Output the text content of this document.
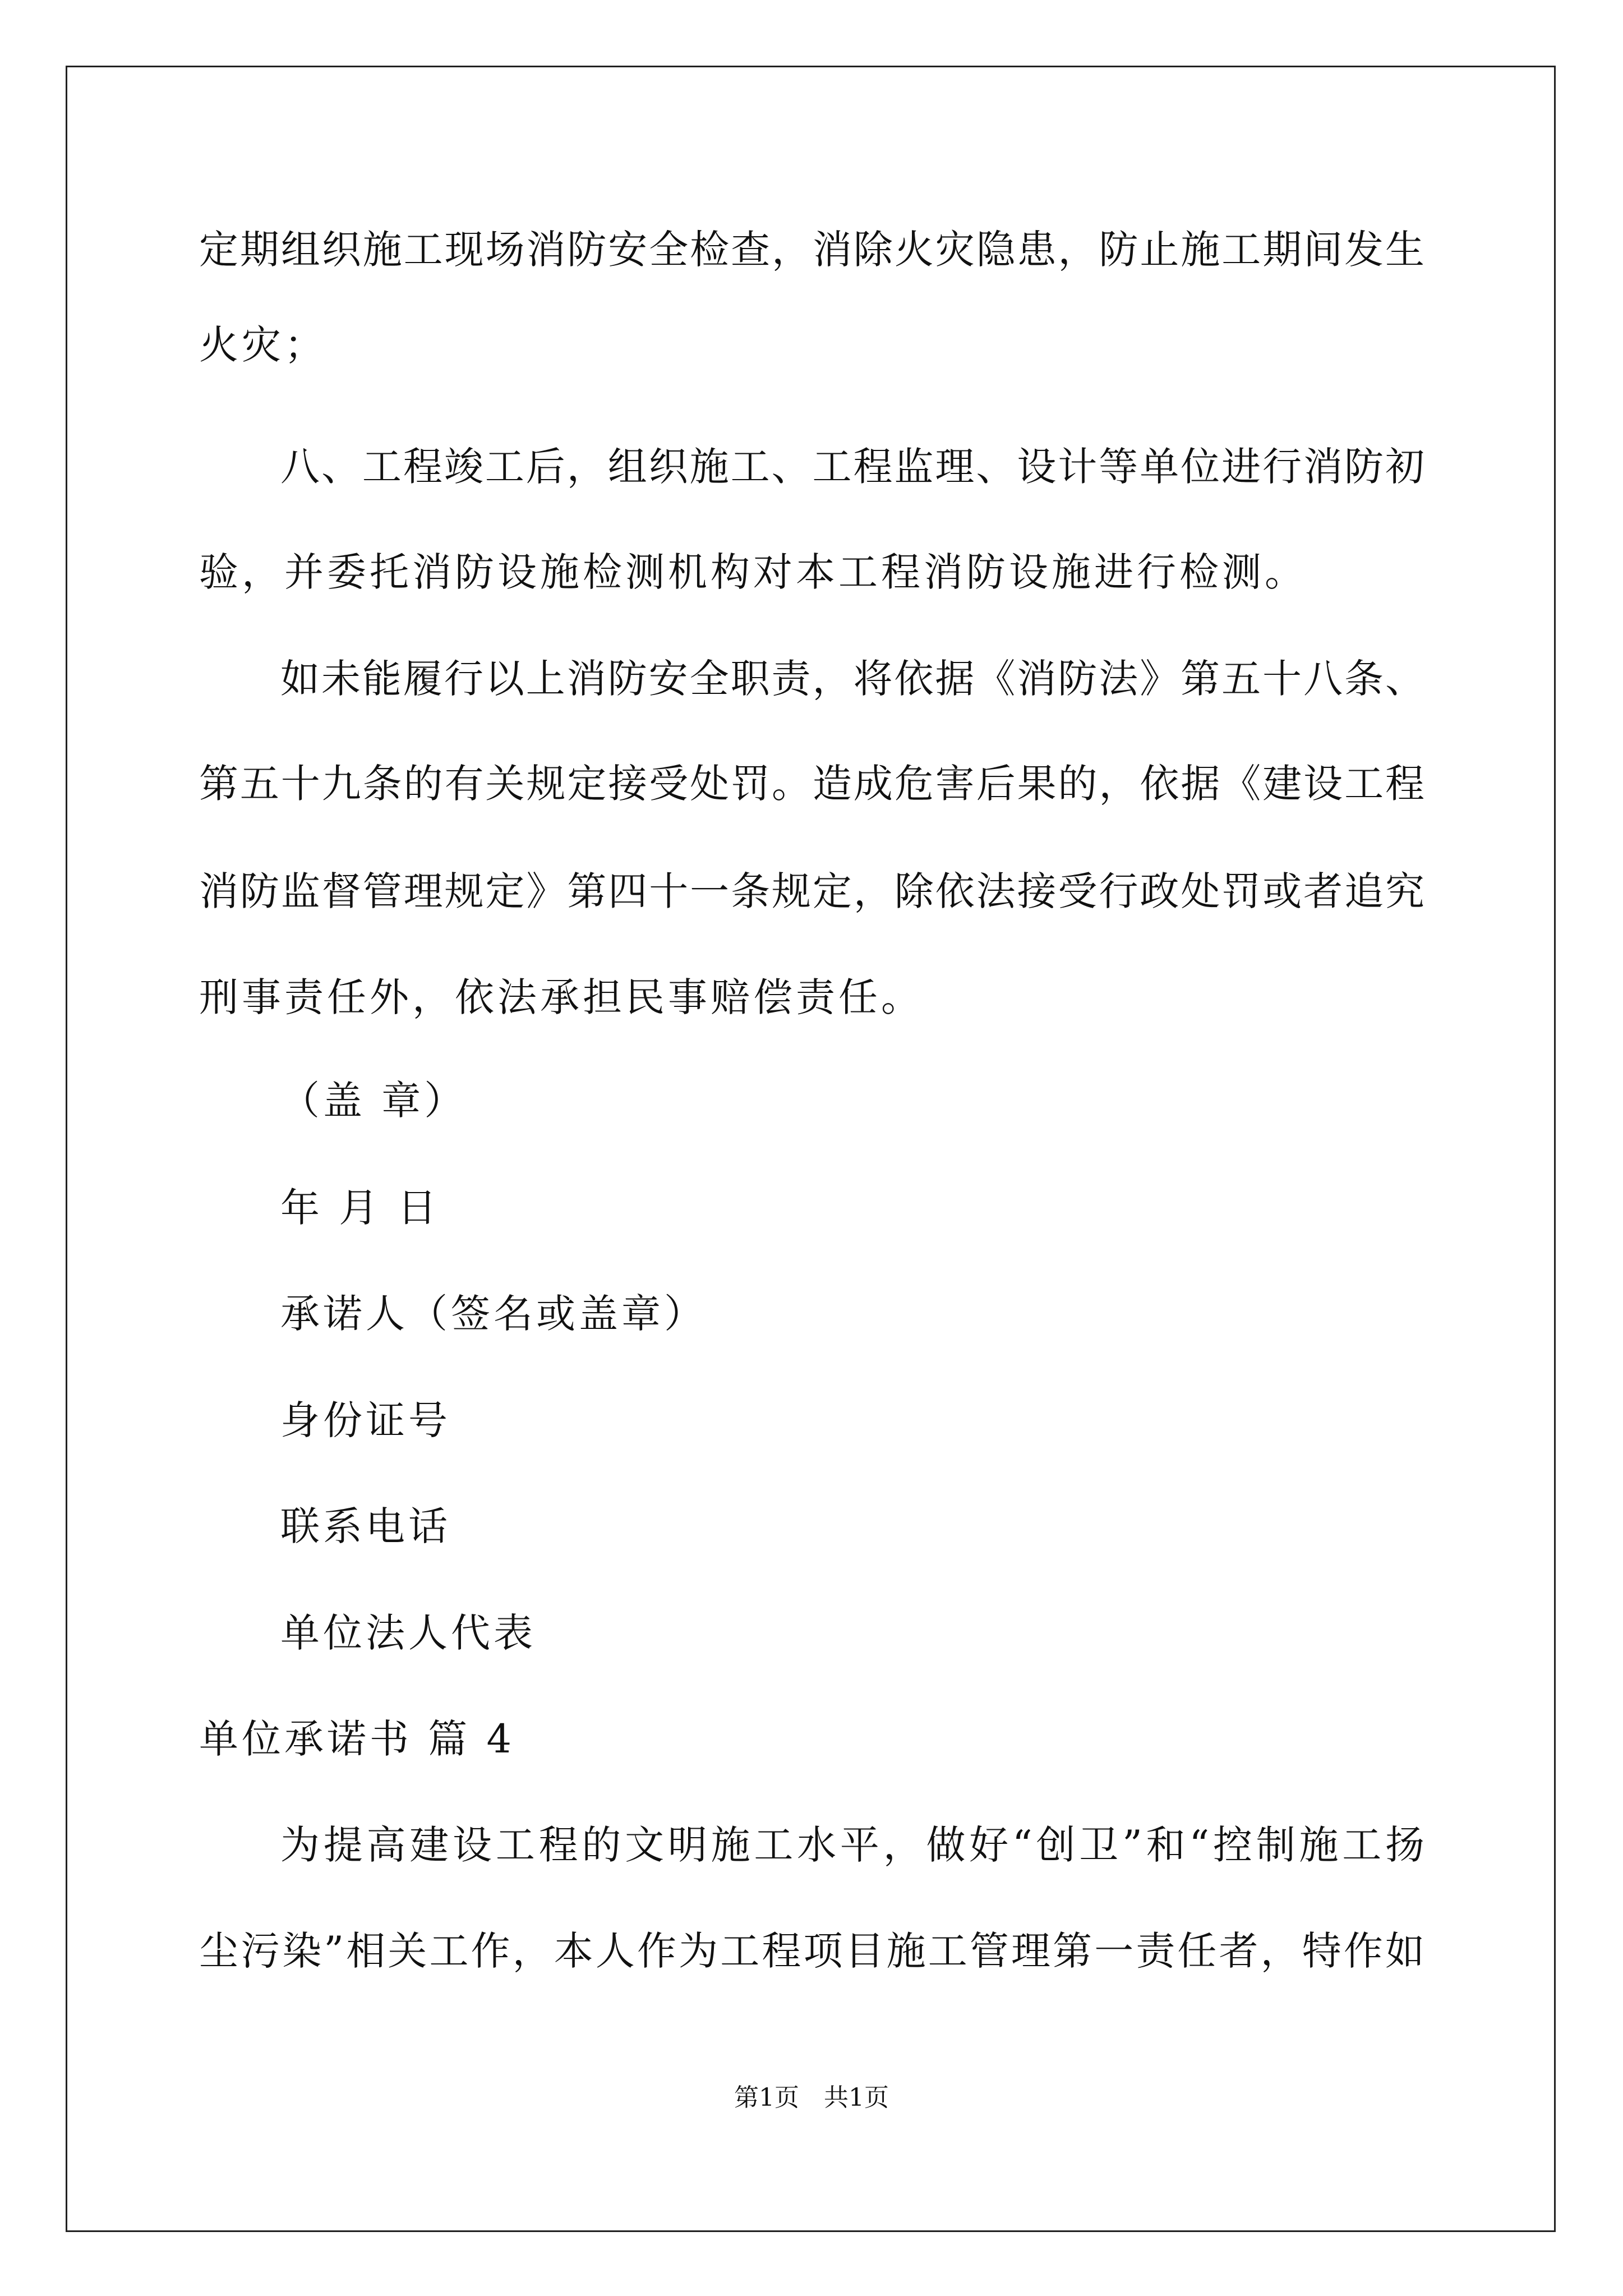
定期组织施工现场消防安全检查，消除火灾隐患，防止施工期间发生
火灾；
八、工程竣工后，组织施工、工程监理、设计等单位进行消防初
验，并委托消防设施检测机构对本工程消防设施进行检测。
如未能履行以上消防安全职责，将依据《消防法》第五十八条、
第五十九条的有关规定接受处罚。造成危害后果的，依据《建设工程
消防监督管理规定》第四十一条规定，除依法接受行政处罚或者追究
刑事责任外，依法承担民事赔偿责任。
（盖 章）
年 月 日
承诺人（签名或盖章）
身份证号
联系电话
单位法人代表
单位承诺书 篇 4
为提高建设工程的文明施工水平，做好“创卫”和“控制施工扬
尘污染”相关工作，本人作为工程项目施工管理第一责任者，特作如
第1页　共1页
